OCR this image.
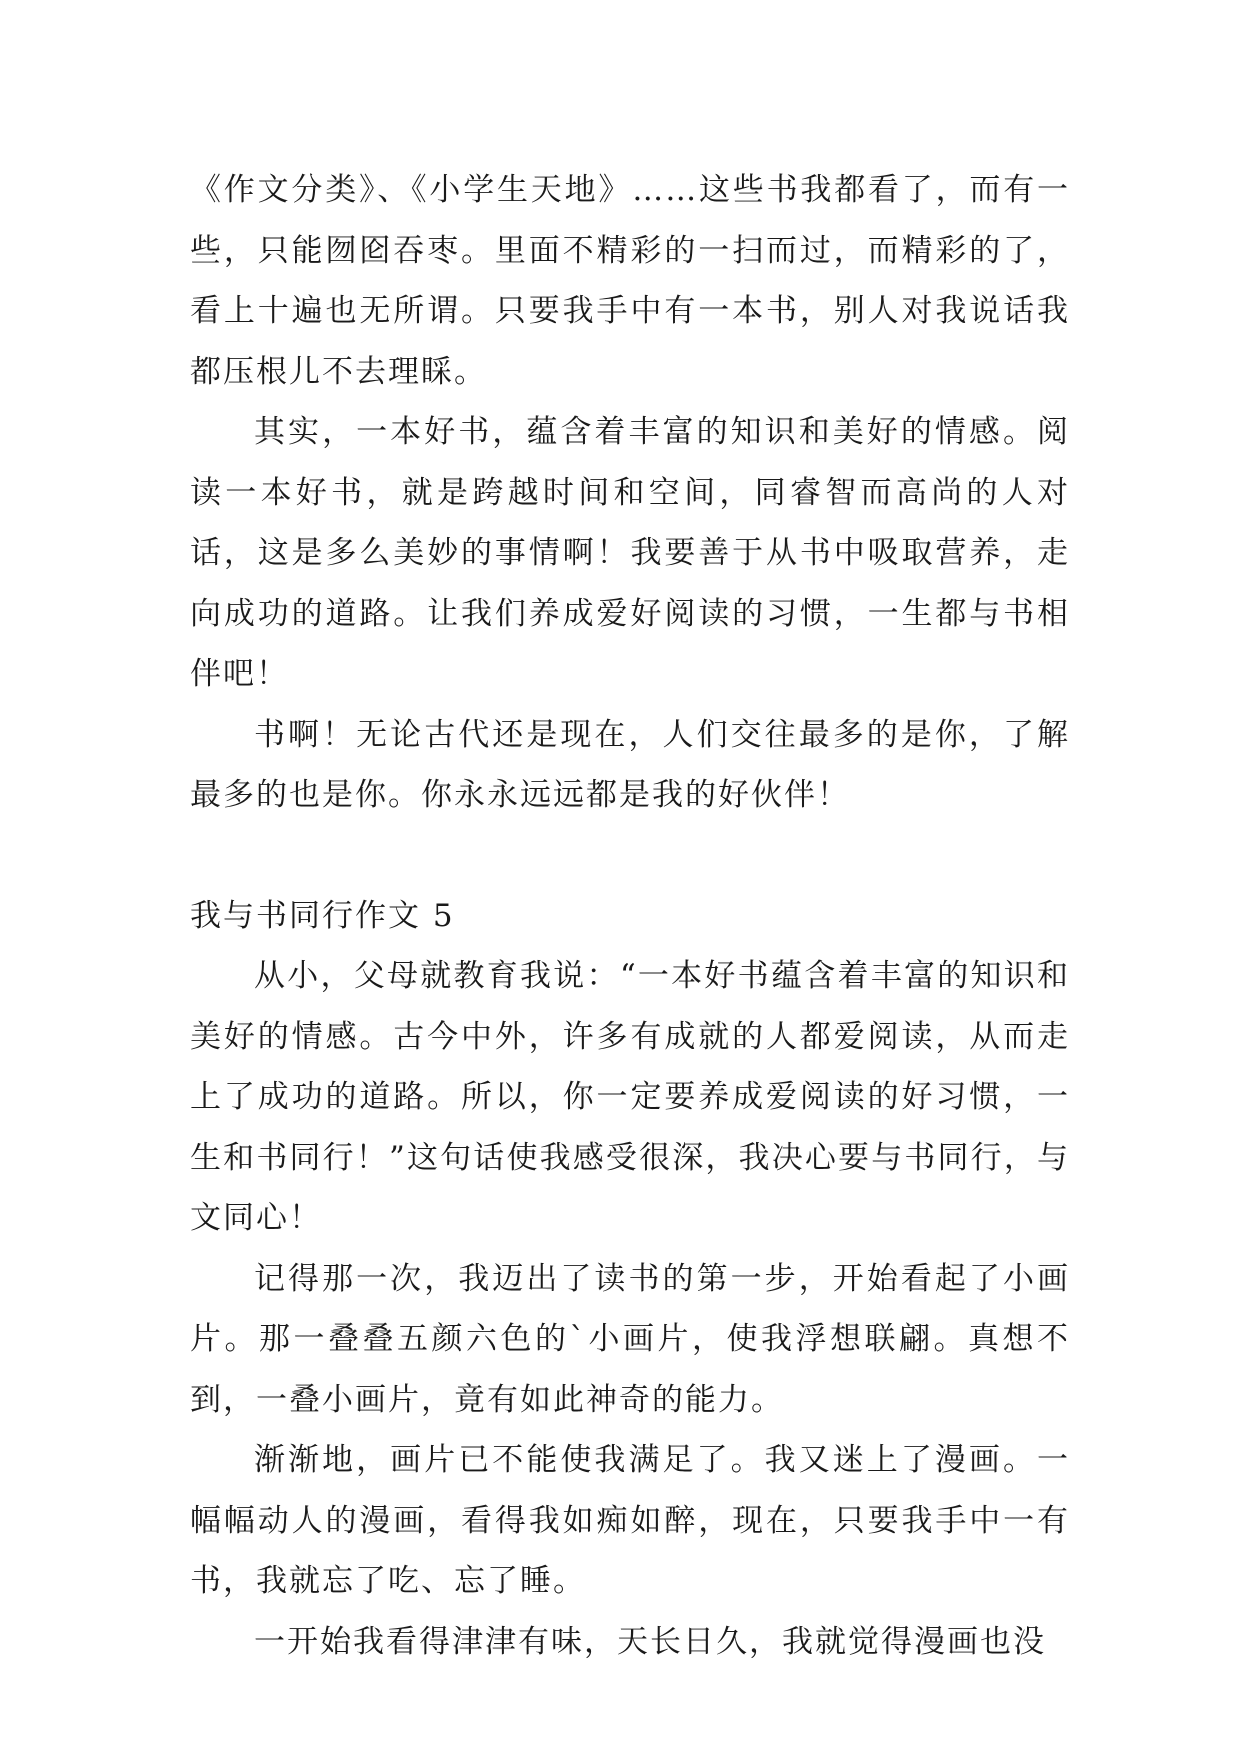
《作文分类》、《小学生天地》……这些书我都看了，而有一些，只能囫囵吞枣。里面不精彩的一扫而过，而精彩的了，看上十遍也无所谓。只要我手中有一本书，别人对我说话我都压根儿不去理睬。

其实，一本好书，蕴含着丰富的知识和美好的情感。阅读一本好书，就是跨越时间和空间，同睿智而高尚的人对话，这是多么美妙的事情啊！我要善于从书中吸取营养，走向成功的道路。让我们养成爱好阅读的习惯，一生都与书相伴吧！

书啊！无论古代还是现在，人们交往最多的是你，了解最多的也是你。你永永远远都是我的好伙伴！

我与书同行作文 5

从小，父母就教育我说：“一本好书蕴含着丰富的知识和美好的情感。古今中外，许多有成就的人都爱阅读，从而走上了成功的道路。所以，你一定要养成爱阅读的好习惯，一生和书同行！”这句话使我感受很深，我决心要与书同行，与文同心！

记得那一次，我迈出了读书的第一步，开始看起了小画片。那一叠叠五颜六色的`小画片，使我浮想联翩。真想不到，一叠小画片，竟有如此神奇的能力。

渐渐地，画片已不能使我满足了。我又迷上了漫画。一幅幅动人的漫画，看得我如痴如醉，现在，只要我手中一有书，我就忘了吃、忘了睡。

一开始我看得津津有味，天长日久，我就觉得漫画也没
